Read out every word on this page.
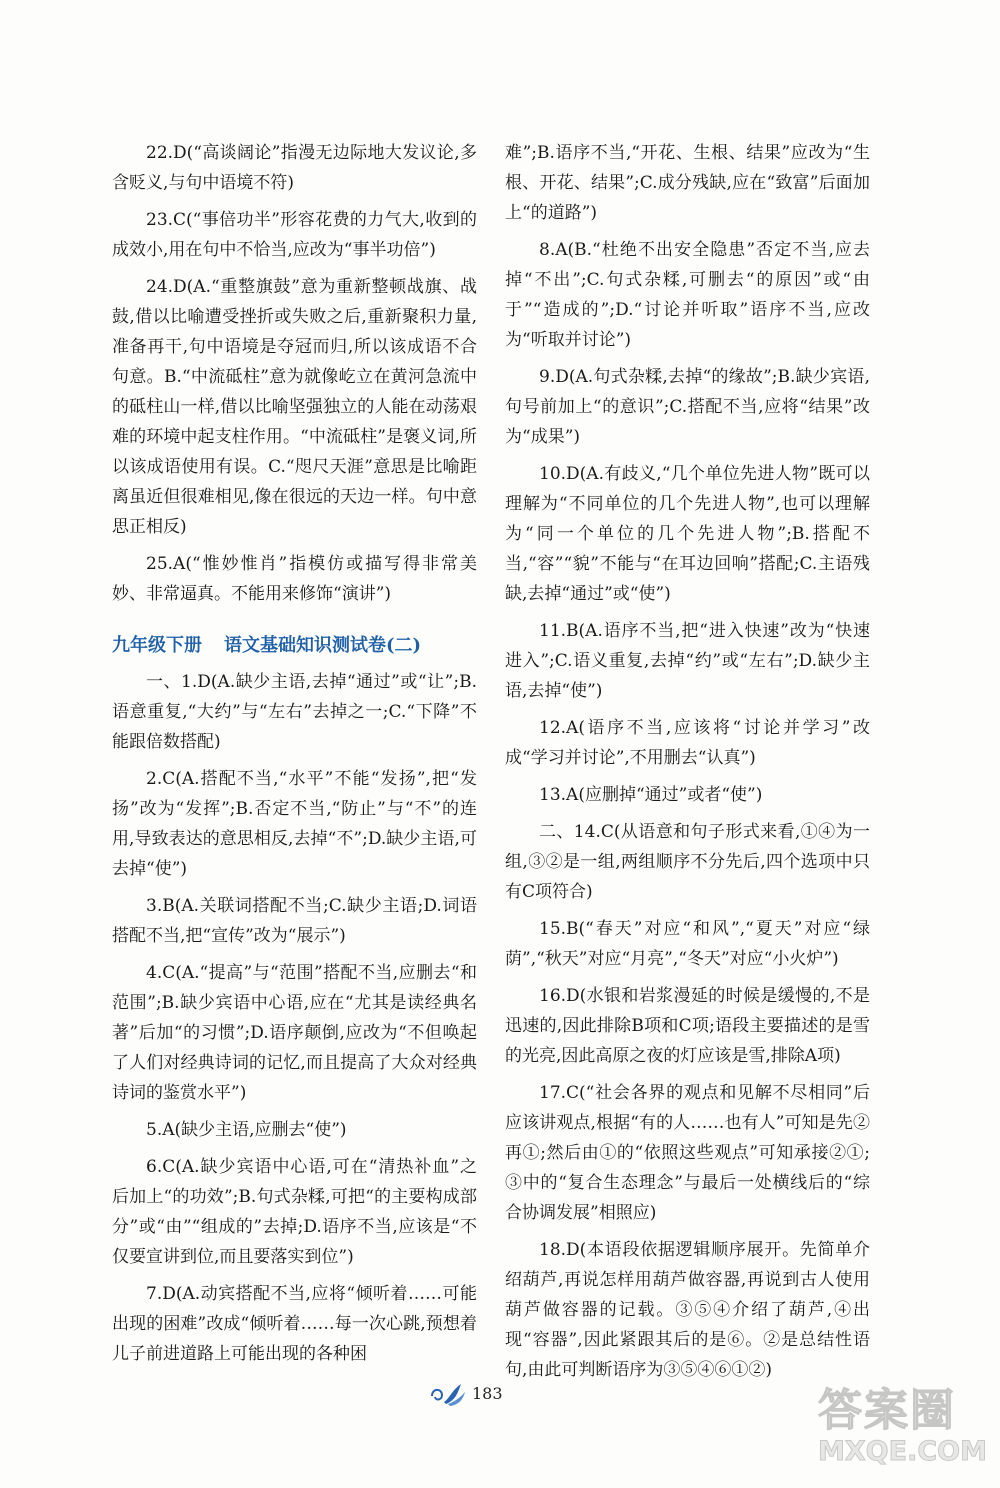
22.D(“高谈阔论”指漫无边际地大发议论,多含贬义,与句中语境不符)

23.C(“事倍功半”形容花费的力气大,收到的成效小,用在句中不恰当,应改为“事半功倍”)

24.D(A.“重整旗鼓”意为重新整顿战旗、战鼓,借以比喻遭受挫折或失败之后,重新聚积力量,准备再干,句中语境是夺冠而归,所以该成语不合句意。B.“中流砥柱”意为就像屹立在黄河急流中的砥柱山一样,借以比喻坚强独立的人能在动荡艰难的环境中起支柱作用。“中流砥柱”是褒义词,所以该成语使用有误。C.“咫尺天涯”意思是比喻距离虽近但很难相见,像在很远的天边一样。句中意思正相反)

25.A(“惟妙惟肖”指模仿或描写得非常美妙、非常逼真。不能用来修饰“演讲”)

九年级下册 语文基础知识测试卷(二)

一、1.D(A.缺少主语,去掉“通过”或“让”;B.语意重复,“大约”与“左右”去掉之一;C.“下降”不能跟倍数搭配)

2.C(A.搭配不当,“水平”不能“发扬”,把“发扬”改为“发挥”;B.否定不当,“防止”与“不”的连用,导致表达的意思相反,去掉“不”;D.缺少主语,可去掉“使”)

3.B(A.关联词搭配不当;C.缺少主语;D.词语搭配不当,把“宣传”改为“展示”)

4.C(A.“提高”与“范围”搭配不当,应删去“和范围”;B.缺少宾语中心语,应在“尤其是读经典名著”后加“的习惯”;D.语序颠倒,应改为“不但唤起了人们对经典诗词的记忆,而且提高了大众对经典诗词的鉴赏水平”)

5.A(缺少主语,应删去“使”)

6.C(A.缺少宾语中心语,可在“清热补血”之后加上“的功效”;B.句式杂糅,可把“的主要构成部分”或“由”“组成的”去掉;D.语序不当,应该是“不仅要宣讲到位,而且要落实到位”)

7.D(A.动宾搭配不当,应将“倾听着……可能出现的困难”改成“倾听着……每一次心跳,预想着儿子前进道路上可能出现的各种困

难”;B.语序不当,“开花、生根、结果”应改为“生根、开花、结果”;C.成分残缺,应在“致富”后面加上“的道路”)

8.A(B.“杜绝不出安全隐患”否定不当,应去掉“不出”;C.句式杂糅,可删去“的原因”或“由于”“造成的”;D.“讨论并听取”语序不当,应改为“听取并讨论”)

9.D(A.句式杂糅,去掉“的缘故”;B.缺少宾语,句号前加上“的意识”;C.搭配不当,应将“结果”改为“成果”)

10.D(A.有歧义,“几个单位先进人物”既可以理解为“不同单位的几个先进人物”,也可以理解为“同一个单位的几个先进人物”;B.搭配不当,“容”“貌”不能与“在耳边回响”搭配;C.主语残缺,去掉“通过”或“使”)

11.B(A.语序不当,把“进入快速”改为“快速进入”;C.语义重复,去掉“约”或“左右”;D.缺少主语,去掉“使”)

12.A(语序不当,应该将“讨论并学习”改成“学习并讨论”,不用删去“认真”)

13.A(应删掉“通过”或者“使”)

二、14.C(从语意和句子形式来看,①④为一组,③②是一组,两组顺序不分先后,四个选项中只有C项符合)

15.B(“春天”对应“和风”,“夏天”对应“绿荫”,“秋天”对应“月亮”,“冬天”对应“小火炉”)

16.D(水银和岩浆漫延的时候是缓慢的,不是迅速的,因此排除B项和C项;语段主要描述的是雪的光亮,因此高原之夜的灯应该是雪,排除A项)

17.C(“社会各界的观点和见解不尽相同”后应该讲观点,根据“有的人……也有人”可知是先②再①;然后由①的“依照这些观点”可知承接②①;③中的“复合生态理念”与最后一处横线后的“综合协调发展”相照应)

18.D(本语段依据逻辑顺序展开。先简单介绍葫芦,再说怎样用葫芦做容器,再说到古人使用葫芦做容器的记载。③⑤④介绍了葫芦,④出现“容器”,因此紧跟其后的是⑥。②是总结性语句,由此可判断语序为③⑤④⑥①②)

183	答案圈
MXQE.COM
